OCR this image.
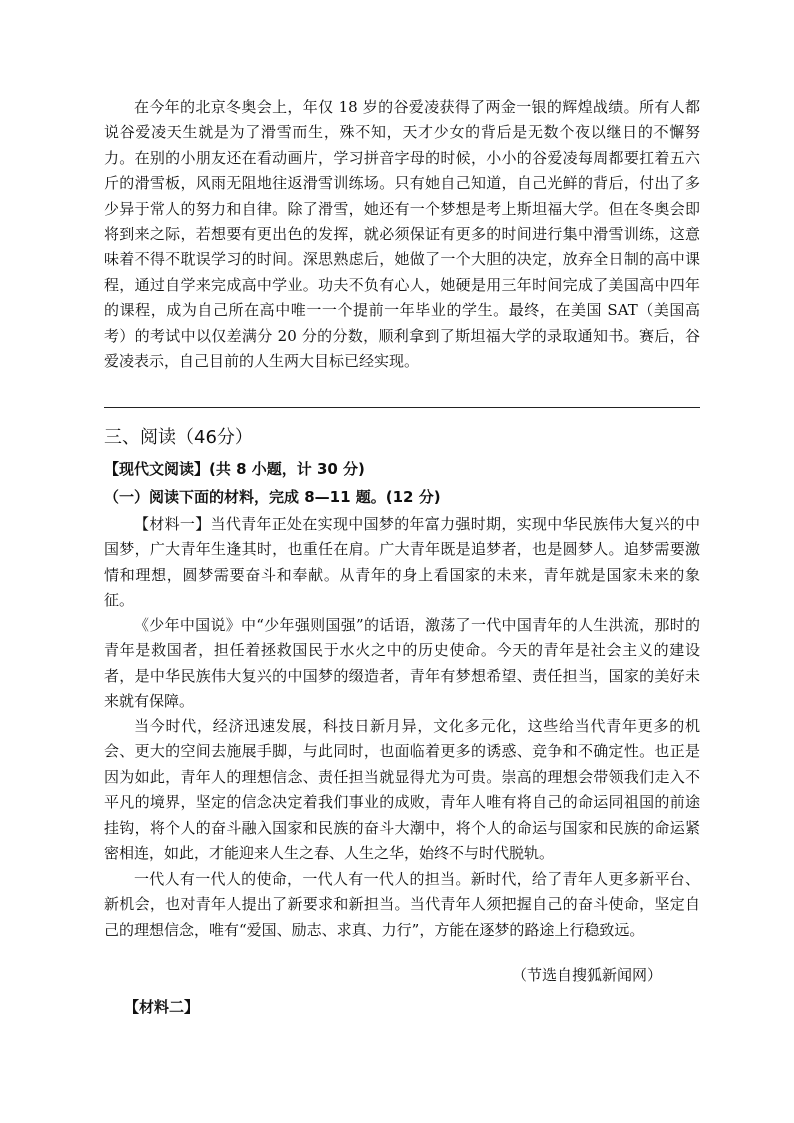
在今年的北京冬奥会上，年仅 18 岁的谷爱凌获得了两金一银的辉煌战绩。所有人都说谷爱凌天生就是为了滑雪而生，殊不知，天才少女的背后是无数个夜以继日的不懈努力。在别的小朋友还在看动画片，学习拼音字母的时候，小小的谷爱凌每周都要扛着五六斤的滑雪板，风雨无阻地往返滑雪训练场。只有她自己知道，自己光鲜的背后，付出了多少异于常人的努力和自律。除了滑雪，她还有一个梦想是考上斯坦福大学。但在冬奥会即将到来之际，若想要有更出色的发挥，就必须保证有更多的时间进行集中滑雪训练，这意味着不得不耽误学习的时间。深思熟虑后，她做了一个大胆的决定，放弃全日制的高中课程，通过自学来完成高中学业。功夫不负有心人，她硬是用三年时间完成了美国高中四年的课程，成为自己所在高中唯一一个提前一年毕业的学生。最终，在美国 SAT（美国高考）的考试中以仅差满分 20 分的分数，顺利拿到了斯坦福大学的录取通知书。赛后，谷爱凌表示，自己目前的人生两大目标已经实现。

三、阅读（46分）
【现代文阅读】(共 8 小题，计 30 分)
（一）阅读下面的材料，完成 8—11 题。(12 分)

【材料一】当代青年正处在实现中国梦的年富力强时期，实现中华民族伟大复兴的中国梦，广大青年生逢其时，也重任在肩。广大青年既是追梦者，也是圆梦人。追梦需要激情和理想，圆梦需要奋斗和奉献。从青年的身上看国家的未来，青年就是国家未来的象征。

《少年中国说》中“少年强则国强”的话语，激荡了一代中国青年的人生洪流，那时的青年是救国者，担任着拯救国民于水火之中的历史使命。今天的青年是社会主义的建设者，是中华民族伟大复兴的中国梦的缀造者，青年有梦想希望、责任担当，国家的美好未来就有保障。

当今时代，经济迅速发展，科技日新月异，文化多元化，这些给当代青年更多的机会、更大的空间去施展手脚，与此同时，也面临着更多的诱惑、竞争和不确定性。也正是因为如此，青年人的理想信念、责任担当就显得尤为可贵。崇高的理想会带领我们走入不平凡的境界，坚定的信念决定着我们事业的成败，青年人唯有将自己的命运同祖国的前途挂钩，将个人的奋斗融入国家和民族的奋斗大潮中，将个人的命运与国家和民族的命运紧密相连，如此，才能迎来人生之春、人生之华，始终不与时代脱轨。

一代人有一代人的使命，一代人有一代人的担当。新时代，给了青年人更多新平台、新机会，也对青年人提出了新要求和新担当。当代青年人须把握自己的奋斗使命，坚定自己的理想信念，唯有“爱国、励志、求真、力行”，方能在逐梦的路途上行稳致远。

（节选自搜狐新闻网）
【材料二】
